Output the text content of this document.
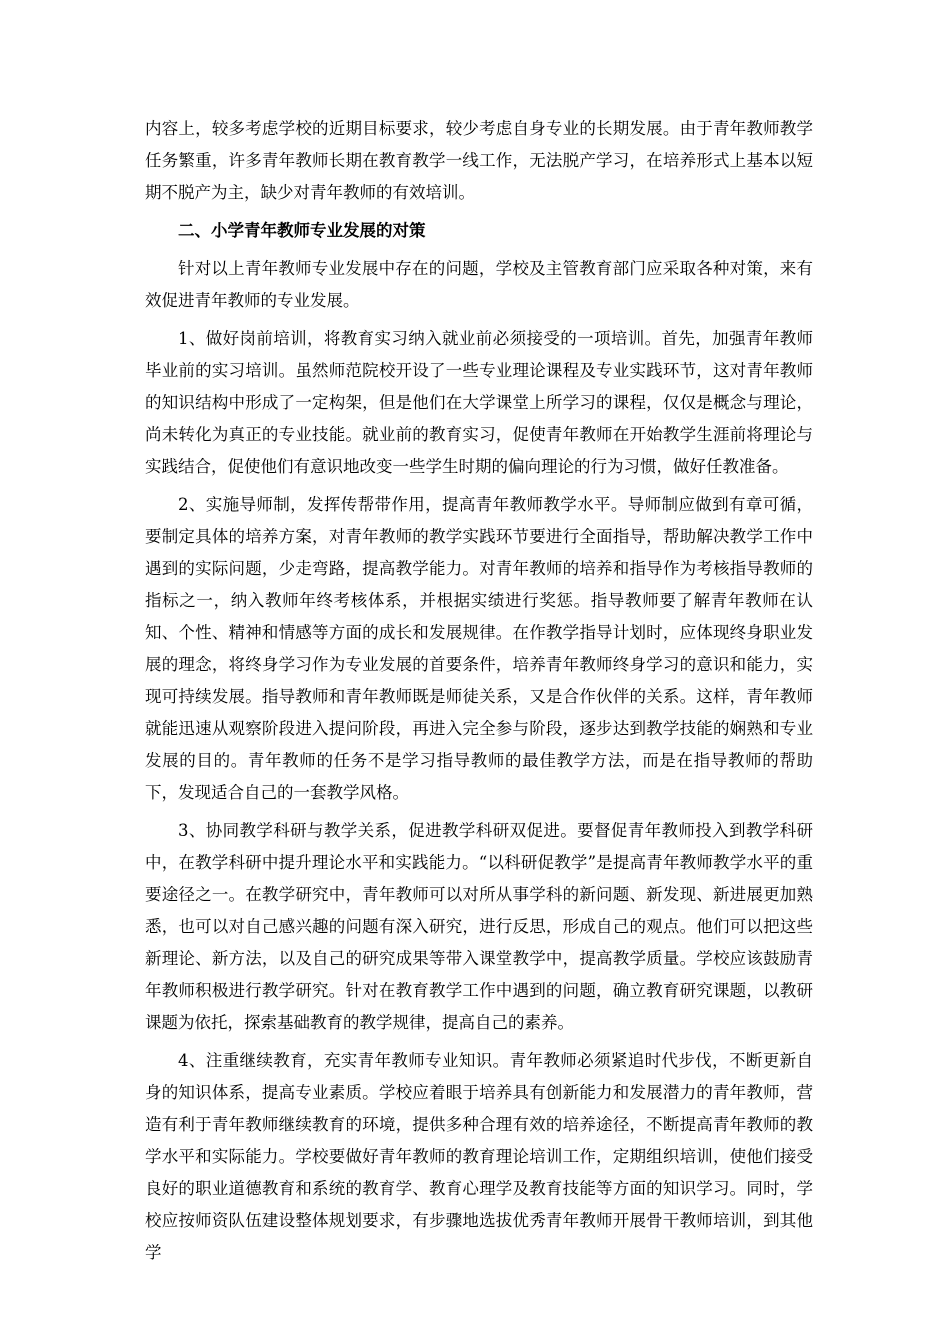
内容上，较多考虑学校的近期目标要求，较少考虑自身专业的长期发展。由于青年教师教学任务繁重，许多青年教师长期在教育教学一线工作，无法脱产学习，在培养形式上基本以短期不脱产为主，缺少对青年教师的有效培训。

二、小学青年教师专业发展的对策

针对以上青年教师专业发展中存在的问题，学校及主管教育部门应采取各种对策，来有效促进青年教师的专业发展。

1、做好岗前培训，将教育实习纳入就业前必须接受的一项培训。首先，加强青年教师毕业前的实习培训。虽然师范院校开设了一些专业理论课程及专业实践环节，这对青年教师的知识结构中形成了一定构架，但是他们在大学课堂上所学习的课程，仅仅是概念与理论，尚未转化为真正的专业技能。就业前的教育实习，促使青年教师在开始教学生涯前将理论与实践结合，促使他们有意识地改变一些学生时期的偏向理论的行为习惯，做好任教准备。

2、实施导师制，发挥传帮带作用，提高青年教师教学水平。导师制应做到有章可循，要制定具体的培养方案，对青年教师的教学实践环节要进行全面指导，帮助解决教学工作中遇到的实际问题，少走弯路，提高教学能力。对青年教师的培养和指导作为考核指导教师的指标之一，纳入教师年终考核体系，并根据实绩进行奖惩。指导教师要了解青年教师在认知、个性、精神和情感等方面的成长和发展规律。在作教学指导计划时，应体现终身职业发展的理念，将终身学习作为专业发展的首要条件，培养青年教师终身学习的意识和能力，实现可持续发展。指导教师和青年教师既是师徒关系，又是合作伙伴的关系。这样，青年教师就能迅速从观察阶段进入提问阶段，再进入完全参与阶段，逐步达到教学技能的娴熟和专业发展的目的。青年教师的任务不是学习指导教师的最佳教学方法，而是在指导教师的帮助下，发现适合自己的一套教学风格。

3、协同教学科研与教学关系，促进教学科研双促进。要督促青年教师投入到教学科研中，在教学科研中提升理论水平和实践能力。“以科研促教学”是提高青年教师教学水平的重要途径之一。在教学研究中，青年教师可以对所从事学科的新问题、新发现、新进展更加熟悉，也可以对自己感兴趣的问题有深入研究，进行反思，形成自己的观点。他们可以把这些新理论、新方法，以及自己的研究成果等带入课堂教学中，提高教学质量。学校应该鼓励青年教师积极进行教学研究。针对在教育教学工作中遇到的问题，确立教育研究课题，以教研课题为依托，探索基础教育的教学规律，提高自己的素养。

4、注重继续教育，充实青年教师专业知识。青年教师必须紧追时代步伐，不断更新自身的知识体系，提高专业素质。学校应着眼于培养具有创新能力和发展潜力的青年教师，营造有利于青年教师继续教育的环境，提供多种合理有效的培养途径，不断提高青年教师的教学水平和实际能力。学校要做好青年教师的教育理论培训工作，定期组织培训，使他们接受良好的职业道德教育和系统的教育学、教育心理学及教育技能等方面的知识学习。同时，学校应按师资队伍建设整体规划要求，有步骤地选拔优秀青年教师开展骨干教师培训，到其他学
